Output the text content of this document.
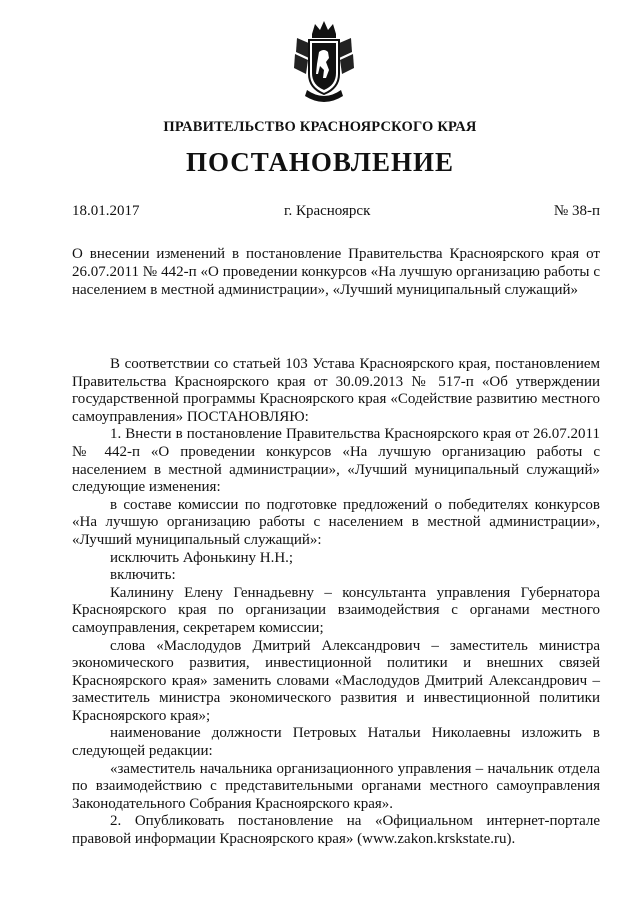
ПРАВИТЕЛЬСТВО КРАСНОЯРСКОГО КРАЯ
ПОСТАНОВЛЕНИЕ
18.01.2017	г. Красноярск	№ 38-п
О внесении изменений в постановление Правительства Красноярского края от 26.07.2011 № 442-п «О проведении конкурсов «На лучшую организацию работы с населением в местной администрации», «Лучший муниципальный служащий»

В соответствии со статьей 103 Устава Красноярского края, постановлением Правительства Красноярского края от 30.09.2013 № 517-п «Об утверждении государственной программы Красноярского края «Содействие развитию местного самоуправления» ПОСТАНОВЛЯЮ:

1. Внести в постановление Правительства Красноярского края от 26.07.2011 № 442-п «О проведении конкурсов «На лучшую организацию работы с населением в местной администрации», «Лучший муниципальный служащий» следующие изменения:

в составе комиссии по подготовке предложений о победителях конкурсов «На лучшую организацию работы с населением в местной администрации», «Лучший муниципальный служащий»:

исключить Афонькину Н.Н.;

включить:

Калинину Елену Геннадьевну – консультанта управления Губернатора Красноярского края по организации взаимодействия с органами местного самоуправления, секретарем комиссии;

слова «Маслодудов Дмитрий Александрович – заместитель министра экономического развития, инвестиционной политики и внешних связей Красноярского края» заменить словами «Маслодудов Дмитрий Александрович – заместитель министра экономического развития и инвестиционной политики Красноярского края»;

наименование должности Петровых Натальи Николаевны изложить в следующей редакции:

«заместитель начальника организационного управления – начальник отдела по взаимодействию с представительными органами местного самоуправления Законодательного Собрания Красноярского края».

2. Опубликовать постановление на «Официальном интернет-портале правовой информации Красноярского края» (www.zakon.krskstate.ru).
